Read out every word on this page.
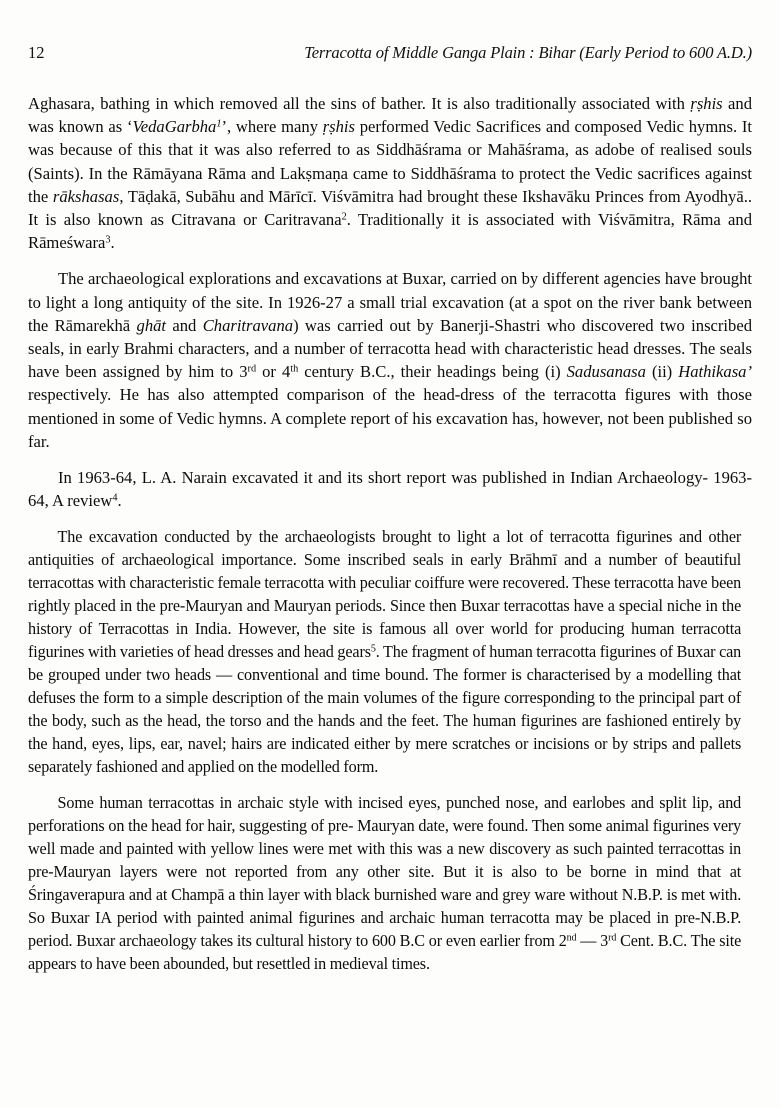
12	Terracotta of Middle Ganga Plain : Bihar (Early Period to 600 A.D.)

Aghasara, bathing in which removed all the sins of bather. It is also traditionally associated with ṛṣhis and was known as ‘VedaGarbha$^1$’, where many ṛṣhis performed Vedic Sacrifices and composed Vedic hymns. It was because of this that it was also referred to as Siddhāśrama or Mahāśrama, as adobe of realised souls (Saints). In the Rāmāyana Rāma and Lakṣmaṇa came to Siddhāśrama to protect the Vedic sacrifices against the rākshasas, Tāḍakā, Subāhu and Mārīcī. Viśvāmitra had brought these Ikshavāku Princes from Ayodhyā.. It is also known as Citravana or Caritravana$^2$. Traditionally it is associated with Viśvāmitra, Rāma and Rāmeśwara$^3$.

The archaeological explorations and excavations at Buxar, carried on by different agencies have brought to light a long antiquity of the site. In 1926-27 a small trial excavation (at a spot on the river bank between the Rāmarekhā ghāt and Charitravana) was carried out by Banerji-Shastri who discovered two inscribed seals, in early Brahmi characters, and a number of terracotta head with characteristic head dresses. The seals have been assigned by him to 3rd or 4th century B.C., their headings being (i) Sadusanasa (ii) Hathikasa’ respectively. He has also attempted comparison of the head-dress of the terracotta figures with those mentioned in some of Vedic hymns. A complete report of his excavation has, however, not been published so far.

In 1963-64, L. A. Narain excavated it and its short report was published in Indian Archaeology- 1963-64, A review$^4$.

The excavation conducted by the archaeologists brought to light a lot of terracotta figurines and other antiquities of archaeological importance. Some inscribed seals in early Brāhmī and a number of beautiful terracottas with characteristic female terracotta with peculiar coiffure were recovered. These terracotta have been rightly placed in the pre-Mauryan and Mauryan periods. Since then Buxar terracottas have a special niche in the history of Terracottas in India. However, the site is famous all over world for producing human terracotta figurines with varieties of head dresses and head gears$^5$. The fragment of human terracotta figurines of Buxar can be grouped under two heads — conventional and time bound. The former is characterised by a modelling that defuses the form to a simple description of the main volumes of the figure corresponding to the principal part of the body, such as the head, the torso and the hands and the feet. The human figurines are fashioned entirely by the hand, eyes, lips, ear, navel; hairs are indicated either by mere scratches or incisions or by strips and pallets separately fashioned and applied on the modelled form.

Some human terracottas in archaic style with incised eyes, punched nose, and earlobes and split lip, and perforations on the head for hair, suggesting of pre- Mauryan date, were found. Then some animal figurines very well made and painted with yellow lines were met with this was a new discovery as such painted terracottas in pre-Mauryan layers were not reported from any other site. But it is also to be borne in mind that at Śringaverapura and at Champā a thin layer with black burnished ware and grey ware without N.B.P. is met with. So Buxar IA period with painted animal figurines and archaic human terracotta may be placed in pre-N.B.P. period. Buxar archaeology takes its cultural history to 600 B.C or even earlier from 2nd — 3rd Cent. B.C. The site appears to have been abounded, but resettled in medieval times.
